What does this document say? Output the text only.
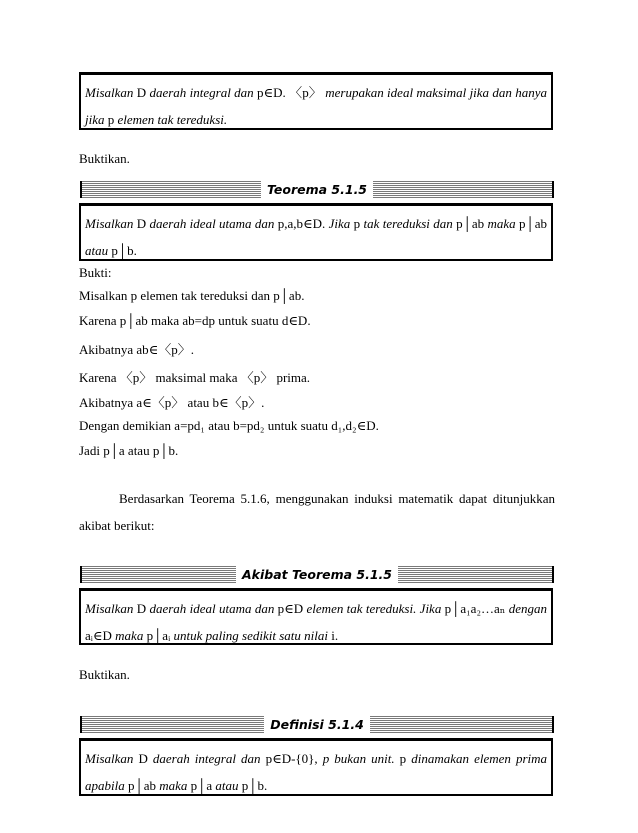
Misalkan D daerah integral dan p∈D. 〈p〉 merupakan ideal maksimal jika dan hanya jika p elemen tak tereduksi.
Buktikan.
Teorema 5.1.5
Misalkan D daerah ideal utama dan p,a,b∈D. Jika p tak tereduksi dan p│ab maka p│ab atau p│b.
Bukti:
Misalkan p elemen tak tereduksi dan p│ab.
Karena p│ab maka ab=dp untuk suatu d∈D.
Akibatnya ab∈〈p〉.
Karena 〈p〉 maksimal maka 〈p〉 prima.
Akibatnya a∈〈p〉 atau b∈〈p〉.
Dengan demikian a=pd₁ atau b=pd₂ untuk suatu d₁,d₂∈D.
Jadi p│a atau p│b.
Berdasarkan Teorema 5.1.6, menggunakan induksi matematik dapat ditunjukkan akibat berikut:
Akibat Teorema 5.1.5
Misalkan D daerah ideal utama dan p∈D elemen tak tereduksi. Jika p│a₁a₂…aₙ dengan aᵢ∈D maka p│aᵢ untuk paling sedikit satu nilai i.
Buktikan.
Definisi 5.1.4
Misalkan D daerah integral dan p∈D-{0}, p bukan unit. p dinamakan elemen prima apabila p│ab maka p│a atau p│b.
